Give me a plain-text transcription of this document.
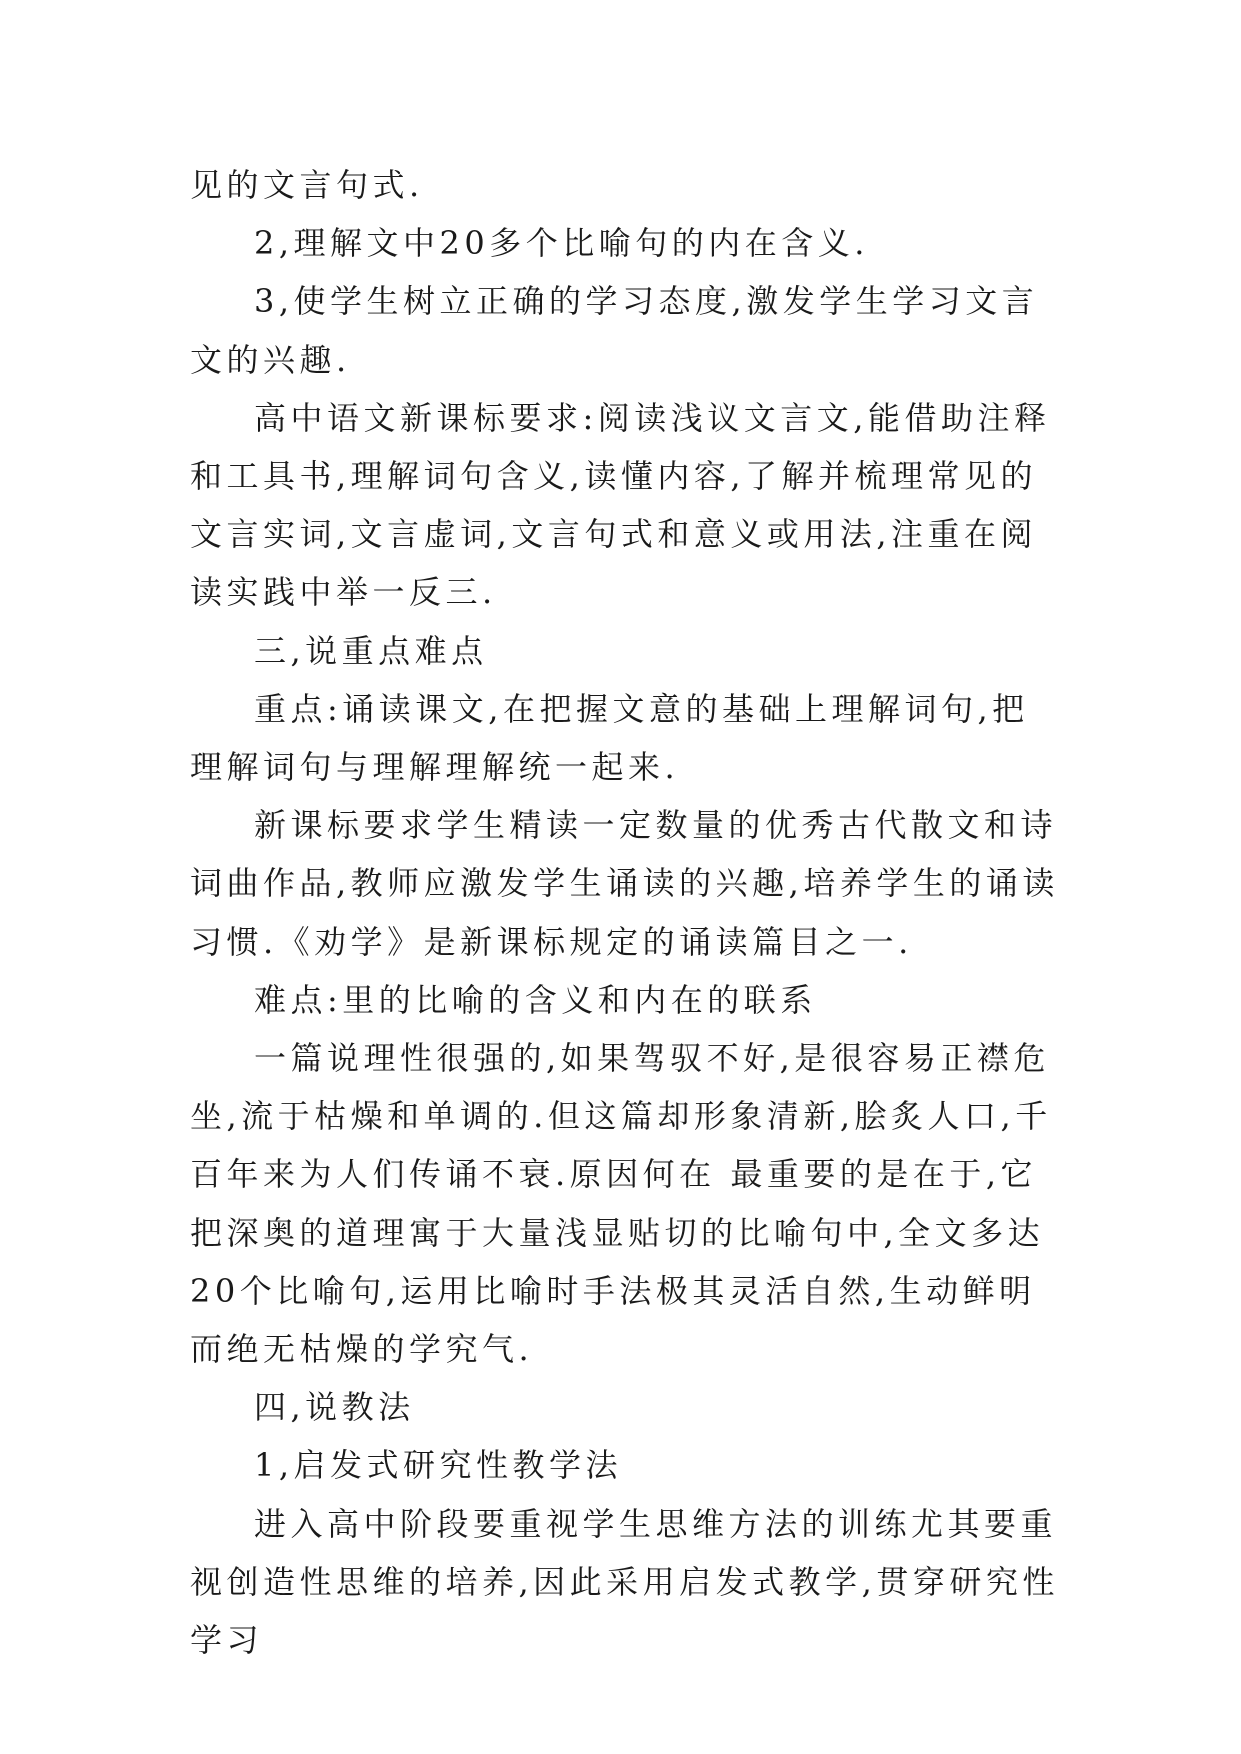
见的文言句式.

2,理解文中20多个比喻句的内在含义.

3,使学生树立正确的学习态度,激发学生学习文言文的兴趣.

高中语文新课标要求:阅读浅议文言文,能借助注释和工具书,理解词句含义,读懂内容,了解并梳理常见的文言实词,文言虚词,文言句式和意义或用法,注重在阅读实践中举一反三.

三,说重点难点

重点:诵读课文,在把握文意的基础上理解词句,把理解词句与理解理解统一起来.

新课标要求学生精读一定数量的优秀古代散文和诗词曲作品,教师应激发学生诵读的兴趣,培养学生的诵读习惯.《劝学》是新课标规定的诵读篇目之一.

难点:里的比喻的含义和内在的联系

一篇说理性很强的,如果驾驭不好,是很容易正襟危坐,流于枯燥和单调的.但这篇却形象清新,脍炙人口,千百年来为人们传诵不衰.原因何在 最重要的是在于,它把深奥的道理寓于大量浅显贴切的比喻句中,全文多达20个比喻句,运用比喻时手法极其灵活自然,生动鲜明而绝无枯燥的学究气.

四,说教法

1,启发式研究性教学法

进入高中阶段要重视学生思维方法的训练尤其要重视创造性思维的培养,因此采用启发式教学,贯穿研究性学习
